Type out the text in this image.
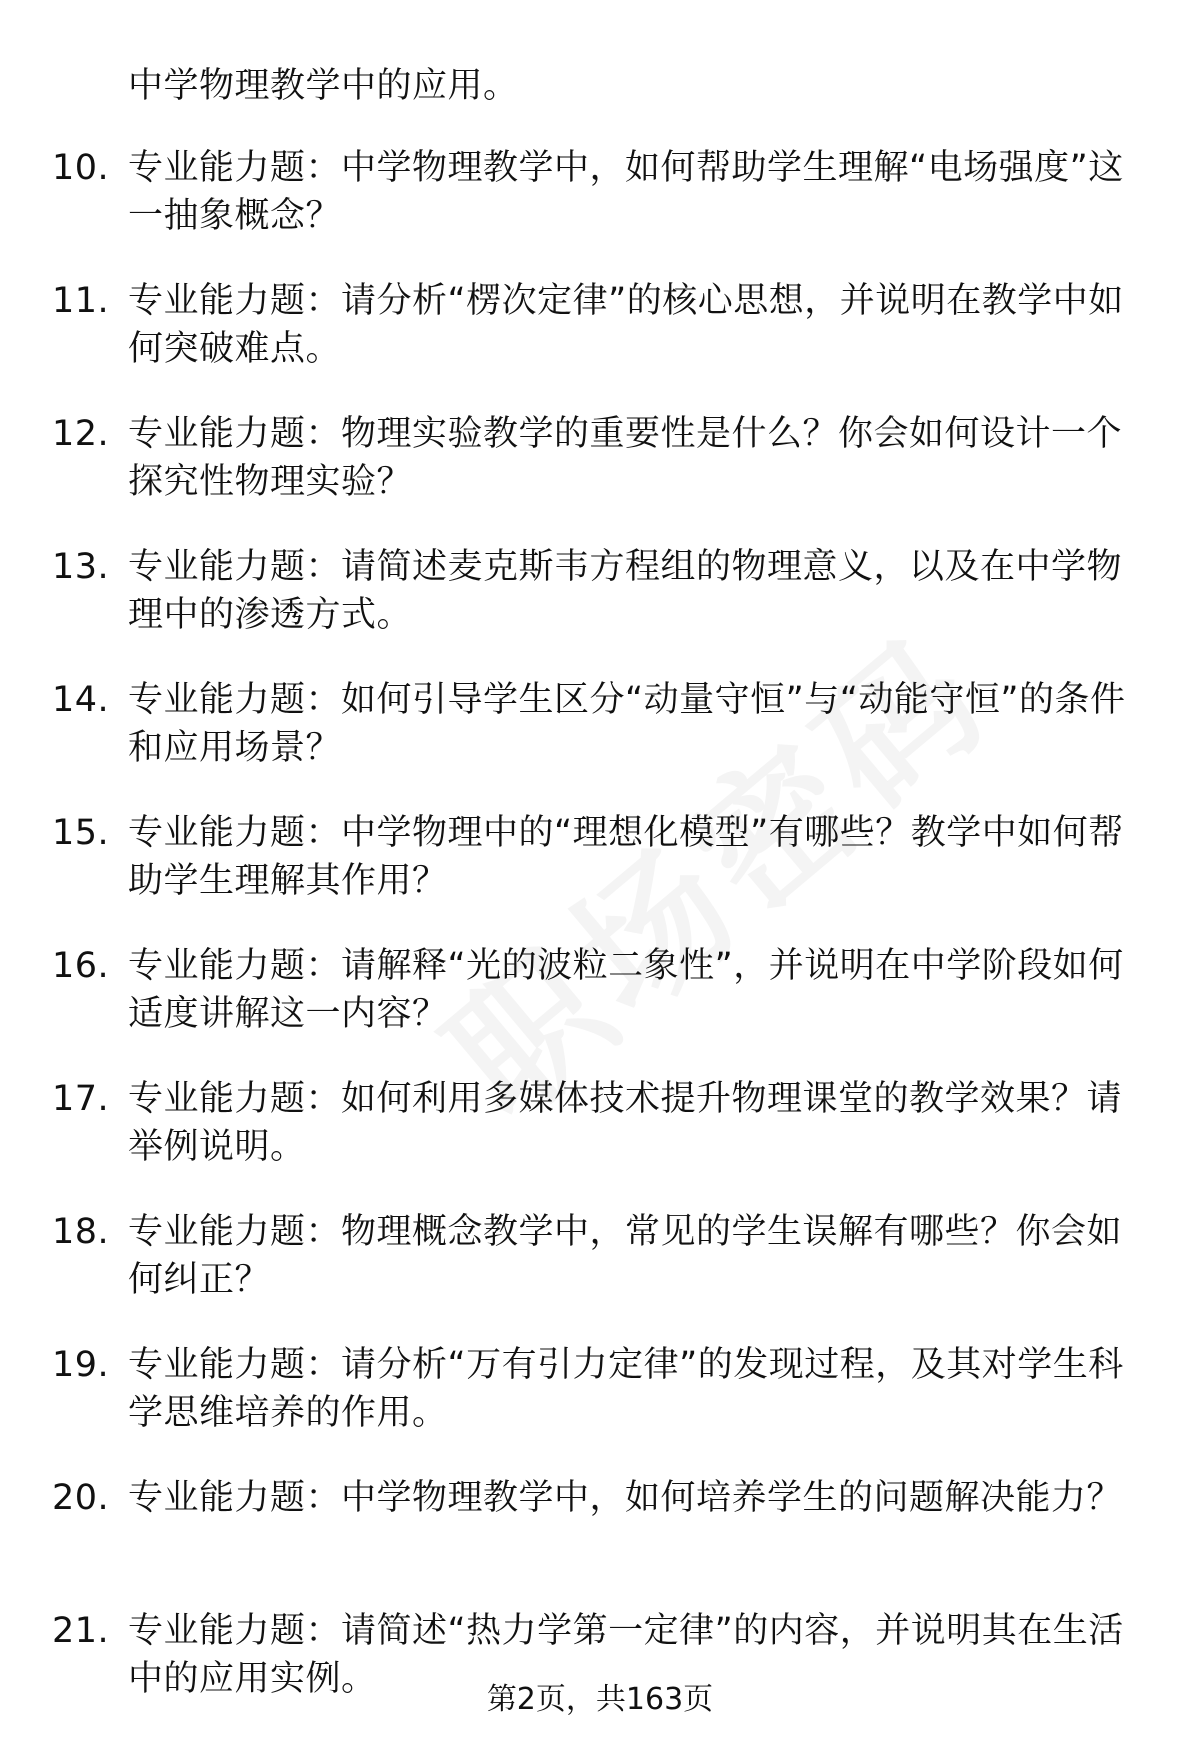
中学物理教学中的应用。
10. 专业能力题：中学物理教学中，如何帮助学生理解“电场强度”这一抽象概念？
11. 专业能力题：请分析“楞次定律”的核心思想，并说明在教学中如何突破难点。
12. 专业能力题：物理实验教学的重要性是什么？你会如何设计一个探究性物理实验？
13. 专业能力题：请简述麦克斯韦方程组的物理意义，以及在中学物理中的渗透方式。
14. 专业能力题：如何引导学生区分“动量守恒”与“动能守恒”的条件和应用场景？
15. 专业能力题：中学物理中的“理想化模型”有哪些？教学中如何帮助学生理解其作用？
16. 专业能力题：请解释“光的波粒二象性”，并说明在中学阶段如何适度讲解这一内容？
17. 专业能力题：如何利用多媒体技术提升物理课堂的教学效果？请举例说明。
18. 专业能力题：物理概念教学中，常见的学生误解有哪些？你会如何纠正？
19. 专业能力题：请分析“万有引力定律”的发现过程，及其对学生科学思维培养的作用。
20. 专业能力题：中学物理教学中，如何培养学生的问题解决能力？
21. 专业能力题：请简述“热力学第一定律”的内容，并说明其在生活中的应用实例。
第2页，共163页
